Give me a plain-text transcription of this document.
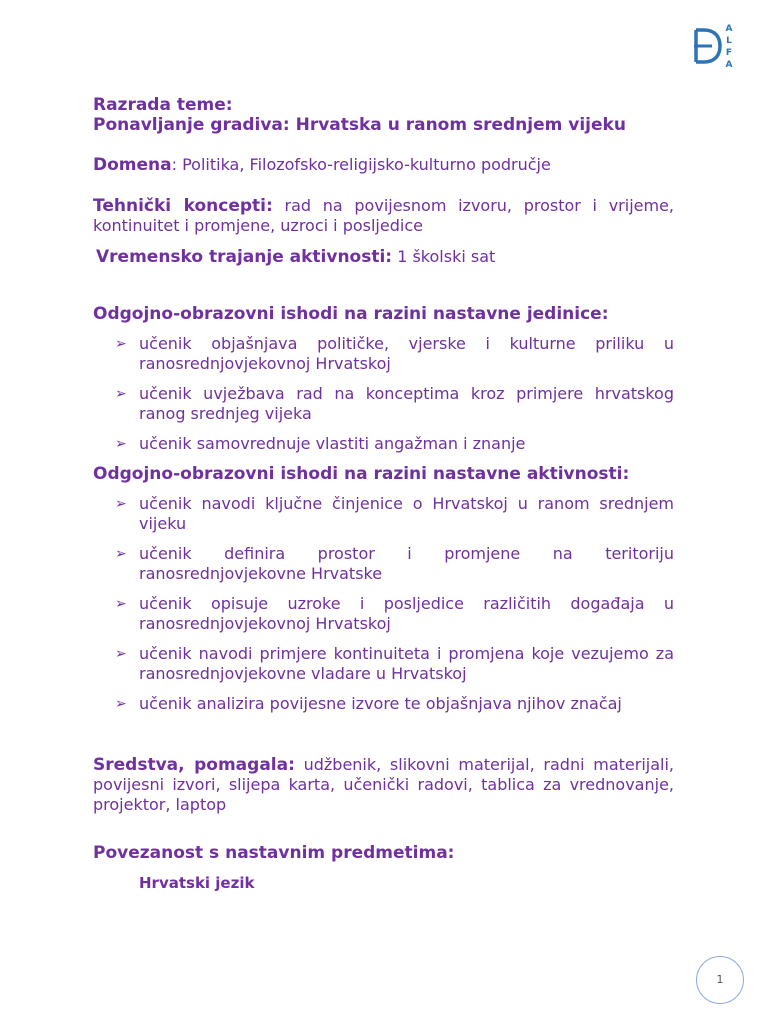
ALFA
Razrada teme:
Ponavljanje gradiva: Hrvatska u ranom srednjem vijeku
Domena: Politika, Filozofsko-religijsko-kulturno područje
Tehnički koncepti: rad na povijesnom izvoru, prostor i vrijeme, kontinuitet i promjene, uzroci i posljedice
Vremensko trajanje aktivnosti: 1 školski sat
Odgojno-obrazovni ishodi na razini nastavne jedinice:
➢ učenik objašnjava političke, vjerske i kulturne priliku u ranosrednjovjekovnoj Hrvatskoj
➢ učenik uvježbava rad na konceptima kroz primjere hrvatskog ranog srednjeg vijeka
➢ učenik samovrednuje vlastiti angažman i znanje
Odgojno-obrazovni ishodi na razini nastavne aktivnosti:
➢ učenik navodi ključne činjenice o Hrvatskoj u ranom srednjem vijeku
➢ učenik definira prostor i promjene na teritoriju ranosrednjovjekovne Hrvatske
➢ učenik opisuje uzroke i posljedice različitih događaja u ranosrednjovjekovnoj Hrvatskoj
➢ učenik navodi primjere kontinuiteta i promjena koje vezujemo za ranosrednjovjekovne vladare u Hrvatskoj
➢ učenik analizira povijesne izvore te objašnjava njihov značaj
Sredstva, pomagala: udžbenik, slikovni materijal, radni materijali, povijesni izvori, slijepa karta, učenički radovi, tablica za vrednovanje, projektor, laptop
Povezanost s nastavnim predmetima:
Hrvatski jezik
1
